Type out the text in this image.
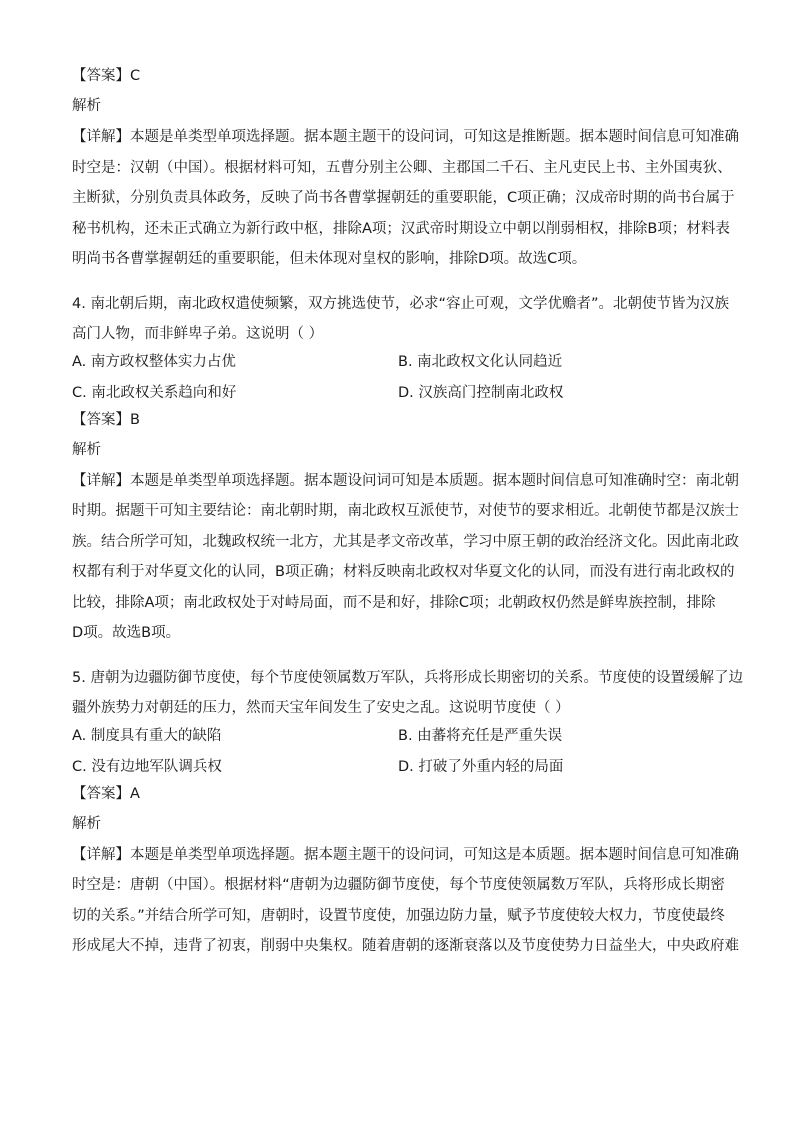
【答案】C
解析
【详解】本题是单类型单项选择题。据本题主题干的设问词，可知这是推断题。据本题时间信息可知准确
时空是：汉朝（中国）。根据材料可知，五曹分别主公卿、主郡国二千石、主凡吏民上书、主外国夷狄、
主断狱，分别负责具体政务，反映了尚书各曹掌握朝廷的重要职能，C项正确；汉成帝时期的尚书台属于
秘书机构，还未正式确立为新行政中枢，排除A项；汉武帝时期设立中朝以削弱相权，排除B项；材料表
明尚书各曹掌握朝廷的重要职能，但未体现对皇权的影响，排除D项。故选C项。
4. 南北朝后期，南北政权遣使频繁，双方挑选使节，必求“容止可观，文学优赡者”。北朝使节皆为汉族
高门人物，而非鲜卑子弟。这说明（ ）
A. 南方政权整体实力占优	B. 南北政权文化认同趋近
C. 南北政权关系趋向和好	D. 汉族高门控制南北政权
【答案】B
解析
【详解】本题是单类型单项选择题。据本题设问词可知是本质题。据本题时间信息可知准确时空：南北朝
时期。据题干可知主要结论：南北朝时期，南北政权互派使节，对使节的要求相近。北朝使节都是汉族士
族。结合所学可知，北魏政权统一北方，尤其是孝文帝改革，学习中原王朝的政治经济文化。因此南北政
权都有利于对华夏文化的认同，B项正确；材料反映南北政权对华夏文化的认同，而没有进行南北政权的
比较，排除A项；南北政权处于对峙局面，而不是和好，排除C项；北朝政权仍然是鲜卑族控制，排除
D项。故选B项。
5. 唐朝为边疆防御节度使，每个节度使领属数万军队，兵将形成长期密切的关系。节度使的设置缓解了边
疆外族势力对朝廷的压力，然而天宝年间发生了安史之乱。这说明节度使（ ）
A. 制度具有重大的缺陷	B. 由蕃将充任是严重失误
C. 没有边地军队调兵权	D. 打破了外重内轻的局面
【答案】A
解析
【详解】本题是单类型单项选择题。据本题主题干的设问词，可知这是本质题。据本题时间信息可知准确
时空是：唐朝（中国）。根据材料“唐朝为边疆防御节度使，每个节度使领属数万军队，兵将形成长期密
切的关系。”并结合所学可知，唐朝时，设置节度使，加强边防力量，赋予节度使较大权力，节度使最终
形成尾大不掉，违背了初衷，削弱中央集权。随着唐朝的逐渐衰落以及节度使势力日益坐大，中央政府难
